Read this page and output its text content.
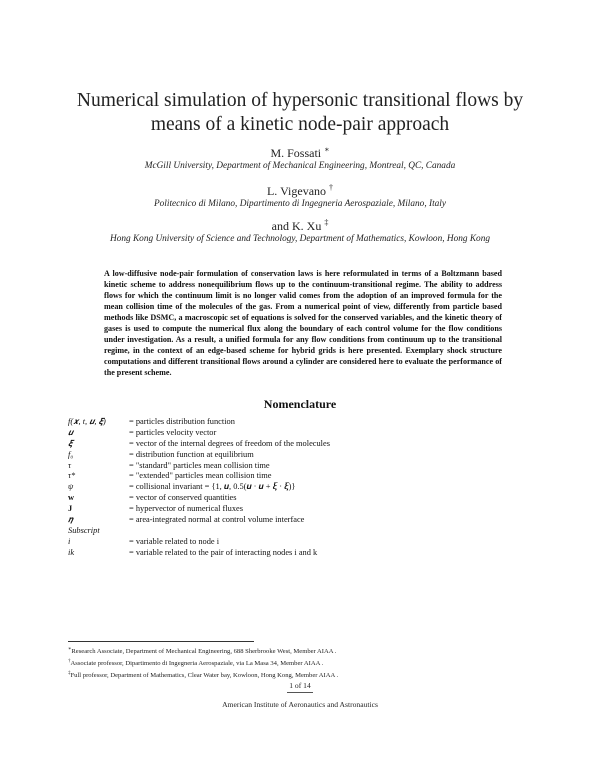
Numerical simulation of hypersonic transitional flows by means of a kinetic node-pair approach
M. Fossati ∗
McGill University, Department of Mechanical Engineering, Montreal, QC, Canada
L. Vigevano †
Politecnico di Milano, Dipartimento di Ingegneria Aerospaziale, Milano, Italy
and K. Xu ‡
Hong Kong University of Science and Technology, Department of Mathematics, Kowloon, Hong Kong
A low-diffusive node-pair formulation of conservation laws is here reformulated in terms of a Boltzmann based kinetic scheme to address nonequilibrium flows up to the continuum-transitional regime. The ability to address flows for which the continuum limit is no longer valid comes from the adoption of an improved formula for the mean collision time of the molecules of the gas. From a numerical point of view, differently from particle based methods like DSMC, a macroscopic set of equations is solved for the conserved variables, and the kinetic theory of gases is used to compute the numerical flux along the boundary of each control volume for the flow conditions under investigation. As a result, a unified formula for any flow conditions from continuum up to the transitional regime, in the context of an edge-based scheme for hybrid grids is here presented. Exemplary shock structure computations and different transitional flows around a cylinder are considered here to evaluate the performance of the present scheme.
Nomenclature
f(𝒙, t, 𝒖, 𝝃)	= particles distribution function
𝒖	= particles velocity vector
𝝃	= vector of the internal degrees of freedom of the molecules
f₀	= distribution function at equilibrium
τ	= "standard" particles mean collision time
τ*	= "extended" particles mean collision time
ψ	= collisional invariant = {1, 𝒖, 0.5(𝒖 · 𝒖 + 𝝃 · 𝝃)}
w	= vector of conserved quantities
J	= hypervector of numerical fluxes
𝜼	= area-integrated normal at control volume interface
Subscript
i	= variable related to node i
ik	= variable related to the pair of interacting nodes i and k
∗Research Associate, Department of Mechanical Engineering, 688 Sherbrooke West, Member AIAA .
†Associate professor, Dipartimento di Ingegneria Aerospaziale, via La Masa 34, Member AIAA .
‡Full professor, Department of Mathematics, Clear Water bay, Kowloon, Hong Kong, Member AIAA .
1 of 14
American Institute of Aeronautics and Astronautics
